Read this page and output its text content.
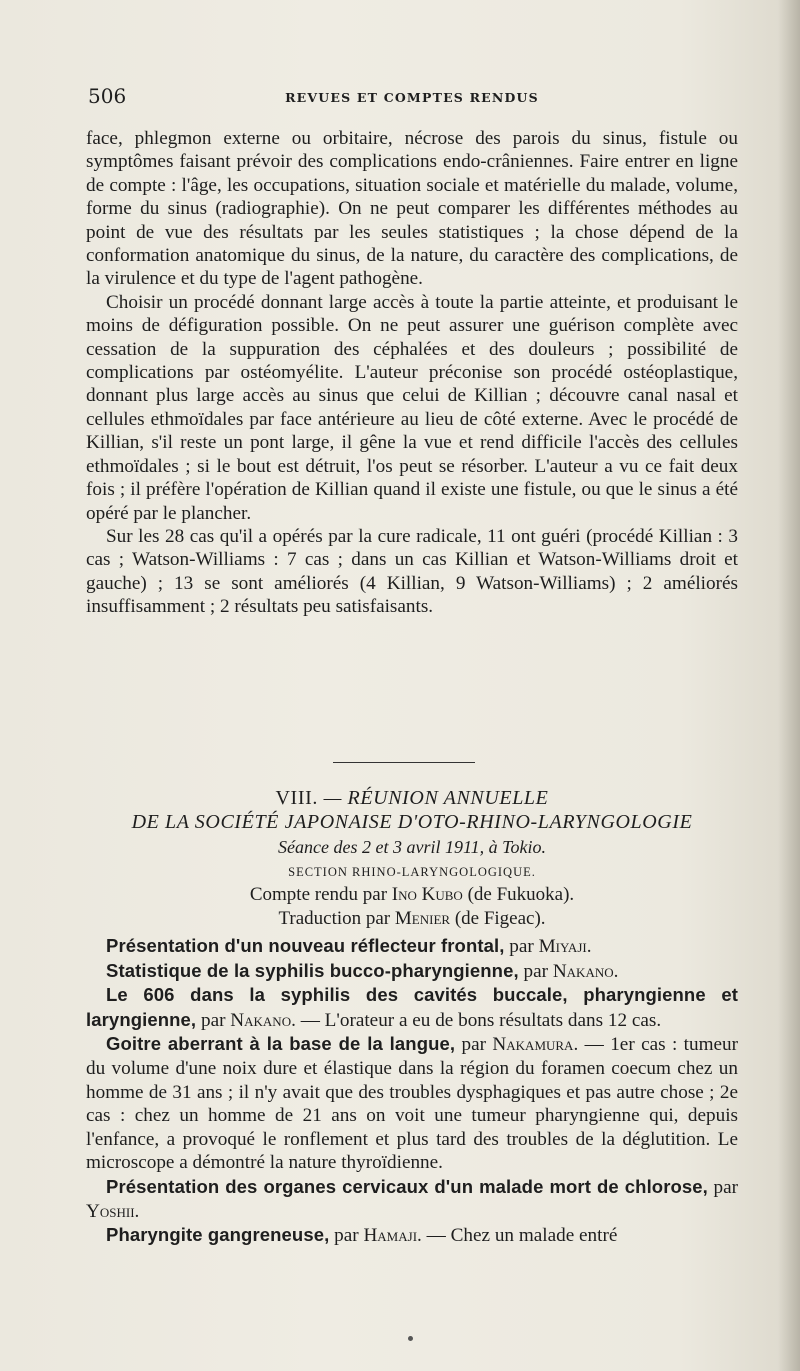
506	REVUES ET COMPTES RENDUS

face, phlegmon externe ou orbitaire, nécrose des parois du sinus, fistule ou symptômes faisant prévoir des complications endo-crâniennes. Faire entrer en ligne de compte : l'âge, les occupations, situation sociale et matérielle du malade, volume, forme du sinus (radiographie). On ne peut comparer les différentes méthodes au point de vue des résultats par les seules statistiques ; la chose dépend de la conformation anatomique du sinus, de la nature, du caractère des complications, de la virulence et du type de l'agent pathogène.

Choisir un procédé donnant large accès à toute la partie atteinte, et produisant le moins de défiguration possible. On ne peut assurer une guérison complète avec cessation de la suppuration des céphalées et des douleurs ; possibilité de complications par ostéomyélite. L'auteur préconise son procédé ostéoplastique, donnant plus large accès au sinus que celui de Killian ; découvre canal nasal et cellules ethmoïdales par face antérieure au lieu de côté externe. Avec le procédé de Killian, s'il reste un pont large, il gêne la vue et rend difficile l'accès des cellules ethmoïdales ; si le bout est détruit, l'os peut se résorber. L'auteur a vu ce fait deux fois ; il préfère l'opération de Killian quand il existe une fistule, ou que le sinus a été opéré par le plancher.

Sur les 28 cas qu'il a opérés par la cure radicale, 11 ont guéri (procédé Killian : 3 cas ; Watson-Williams : 7 cas ; dans un cas Killian et Watson-Williams droit et gauche) ; 13 se sont améliorés (4 Killian, 9 Watson-Williams) ; 2 améliorés insuffisamment ; 2 résultats peu satisfaisants.

VIII. — RÉUNION ANNUELLE
DE LA SOCIÉTÉ JAPONAISE D'OTO-RHINO-LARYNGOLOGIE
Séance des 2 et 3 avril 1911, à Tokio.
SECTION RHINO-LARYNGOLOGIQUE.
Compte rendu par Ino Kubo (de Fukuoka).
Traduction par Menier (de Figeac).

Présentation d'un nouveau réflecteur frontal, par Miyaji.

Statistique de la syphilis bucco-pharyngienne, par Nakano.

Le 606 dans la syphilis des cavités buccale, pharyngienne et laryngienne, par Nakano. — L'orateur a eu de bons résultats dans 12 cas.

Goitre aberrant à la base de la langue, par Nakamura. — 1er cas : tumeur du volume d'une noix dure et élastique dans la région du foramen coecum chez un homme de 31 ans ; il n'y avait que des troubles dysphagiques et pas autre chose ; 2e cas : chez un homme de 21 ans on voit une tumeur pharyngienne qui, depuis l'enfance, a provoqué le ronflement et plus tard des troubles de la déglutition. Le microscope a démontré la nature thyroïdienne.

Présentation des organes cervicaux d'un malade mort de chlorose, par Yoshii.

Pharyngite gangreneuse, par Hamaji. — Chez un malade entré
